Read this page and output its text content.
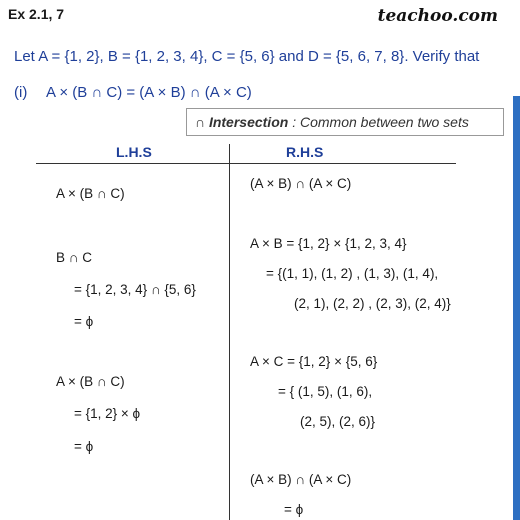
Ex 2.1, 7	teachoo.com
Let A = {1, 2}, B = {1, 2, 3, 4}, C = {5, 6} and D = {5, 6, 7, 8}. Verify that
(i) A × (B ∩ C) = (A × B) ∩ (A × C)
∩ Intersection : Common between two sets
L.H.S	R.H.S
A × (B ∩ C)
B ∩ C
= {1, 2, 3, 4} ∩ {5, 6}
= ϕ
A × (B ∩ C)
= {1, 2} × ϕ
= ϕ
(A × B) ∩ (A × C)
A × B = {1, 2} × {1, 2, 3, 4}
= {(1, 1), (1, 2) , (1, 3), (1, 4),
(2, 1), (2, 2) , (2, 3), (2, 4)}
A × C = {1, 2} × {5, 6}
= { (1, 5), (1, 6),
(2, 5), (2, 6)}
(A × B) ∩ (A × C)
= ϕ
